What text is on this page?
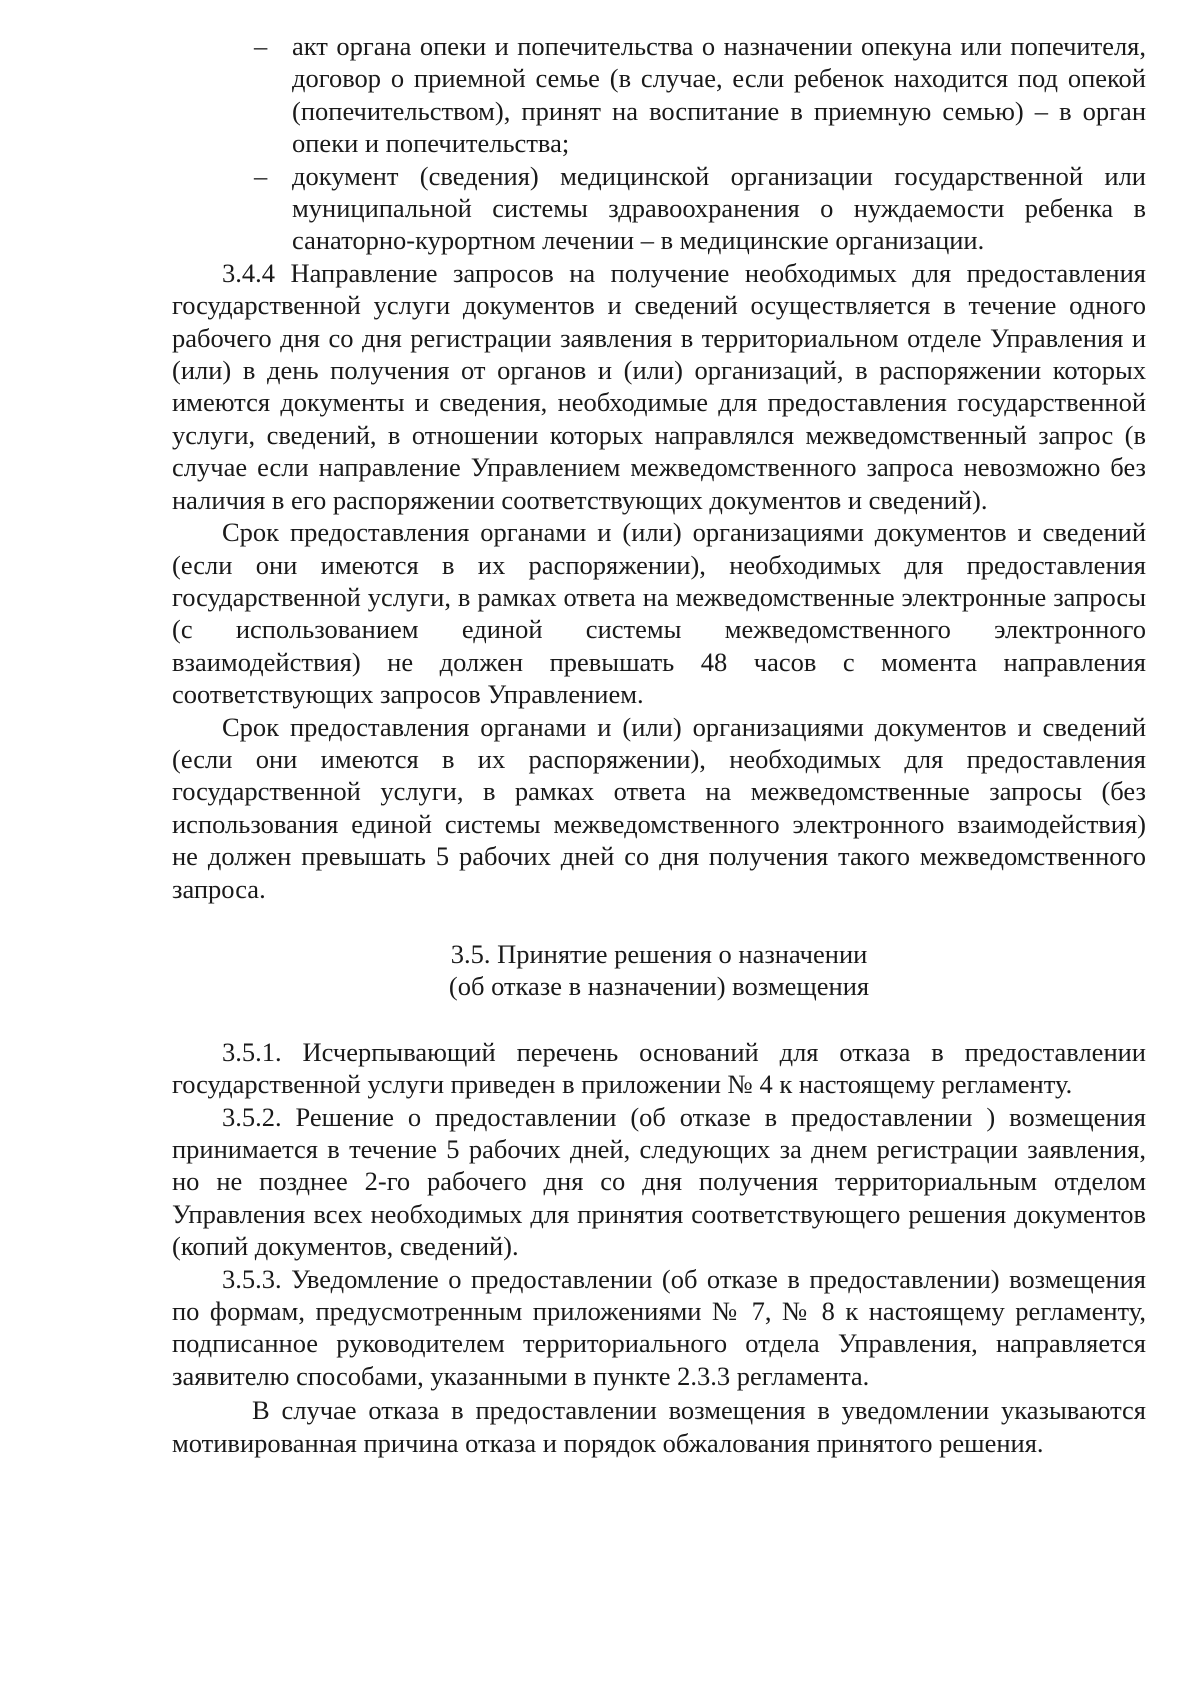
– акт органа опеки и попечительства о назначении опекуна или попечителя, договор о приемной семье (в случае, если ребенок находится под опекой (попечительством), принят на воспитание в приемную семью) – в орган опеки и попечительства;
– документ (сведения) медицинской организации государственной или муниципальной системы здравоохранения о нуждаемости ребенка в санаторно-курортном лечении – в медицинские организации.

3.4.4 Направление запросов на получение необходимых для предоставления государственной услуги документов и сведений осуществляется в течение одного рабочего дня со дня регистрации заявления в территориальном отделе Управления и (или) в день получения от органов и (или) организаций, в распоряжении которых имеются документы и сведения, необходимые для предоставления государственной услуги, сведений, в отношении которых направлялся межведомственный запрос (в случае если направление Управлением межведомственного запроса невозможно без наличия в его распоряжении соответствующих документов и сведений).

Срок предоставления органами и (или) организациями документов и сведений (если они имеются в их распоряжении), необходимых для предоставления государственной услуги, в рамках ответа на межведомственные электронные запросы (с использованием единой системы межведомственного электронного взаимодействия) не должен превышать 48 часов с момента направления соответствующих запросов Управлением.

Срок предоставления органами и (или) организациями документов и сведений (если они имеются в их распоряжении), необходимых для предоставления государственной услуги, в рамках ответа на межведомственные запросы (без использования единой системы межведомственного электронного взаимодействия) не должен превышать 5 рабочих дней со дня получения такого межведомственного запроса.

3.5. Принятие решения о назначении

(об отказе в назначении) возмещения

3.5.1. Исчерпывающий перечень оснований для отказа в предоставлении государственной услуги приведен в приложении № 4 к настоящему регламенту.

3.5.2. Решение о предоставлении (об отказе в предоставлении ) возмещения принимается в течение 5 рабочих дней, следующих за днем регистрации заявления, но не позднее 2-го рабочего дня со дня получения территориальным отделом Управления всех необходимых для принятия соответствующего решения документов (копий документов, сведений).

3.5.3. Уведомление о предоставлении (об отказе в предоставлении) возмещения по формам, предусмотренным приложениями № 7, № 8 к настоящему регламенту, подписанное руководителем территориального отдела Управления, направляется заявителю способами, указанными в пункте 2.3.3 регламента.

В случае отказа в предоставлении возмещения в уведомлении указываются мотивированная причина отказа и порядок обжалования принятого решения.
